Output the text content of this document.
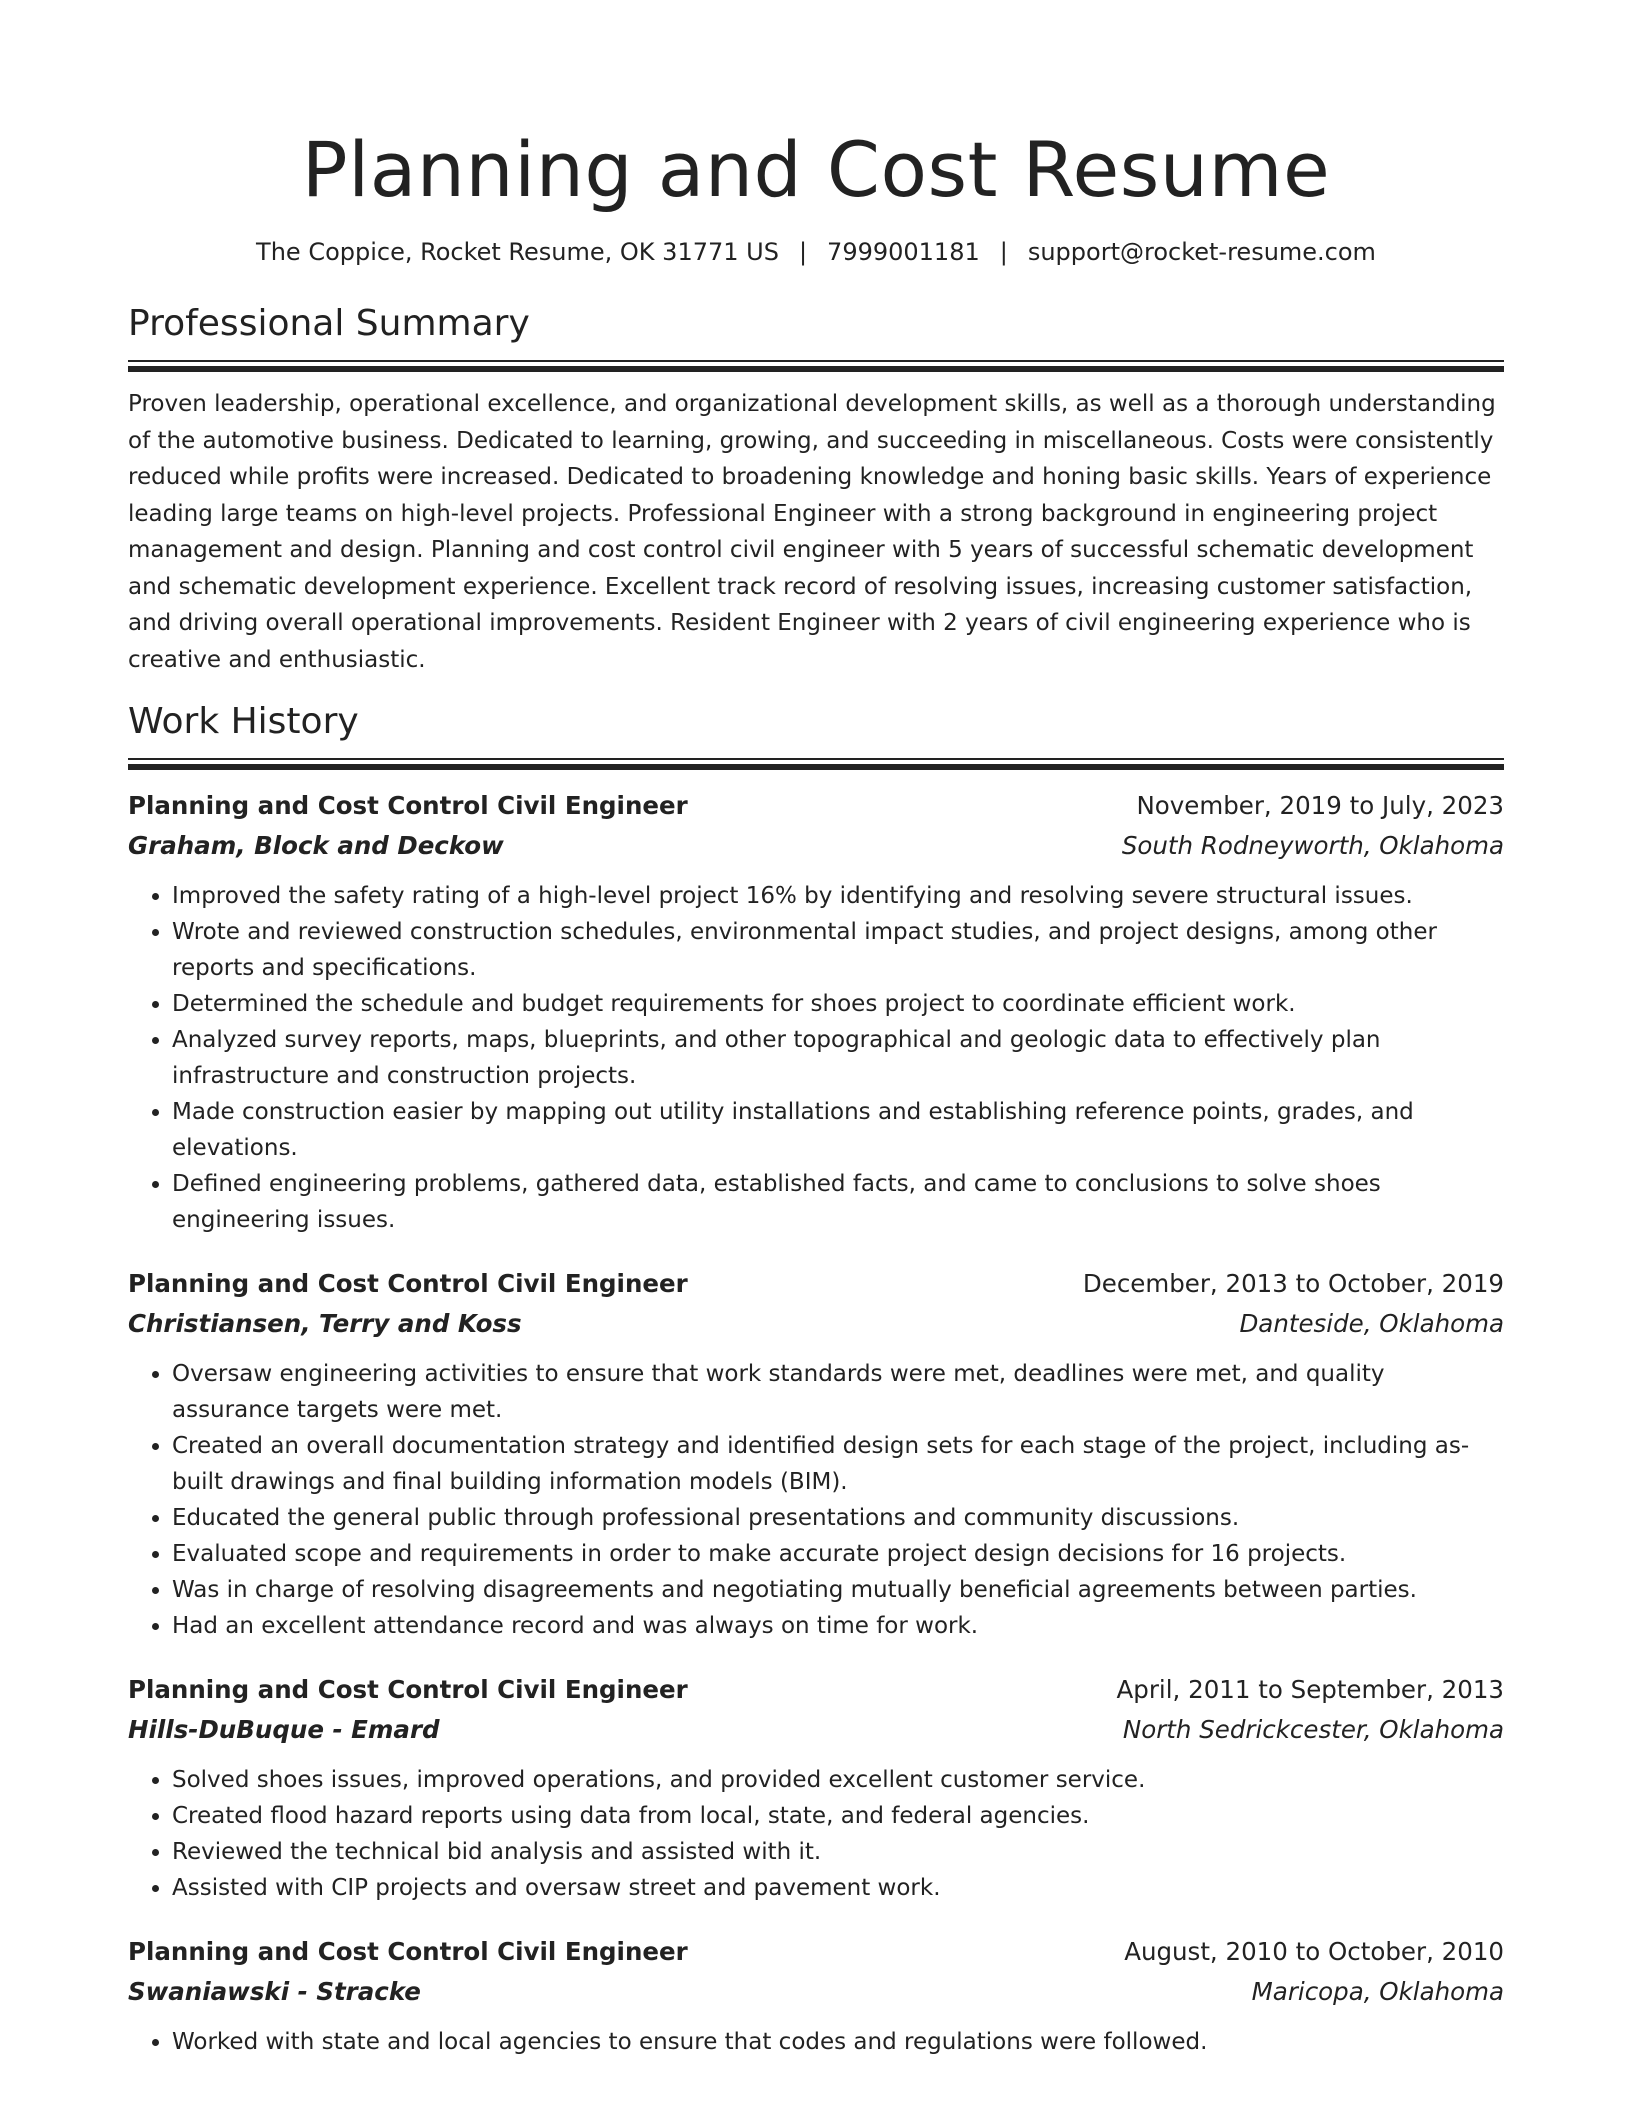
Planning and Cost Resume
The Coppice, Rocket Resume, OK 31771 US | 7999001181 | support@rocket-resume.com
Professional Summary
Proven leadership, operational excellence, and organizational development skills, as well as a thorough understanding of the automotive business. Dedicated to learning, growing, and succeeding in miscellaneous. Costs were consistently reduced while profits were increased. Dedicated to broadening knowledge and honing basic skills. Years of experience leading large teams on high-level projects. Professional Engineer with a strong background in engineering project management and design. Planning and cost control civil engineer with 5 years of successful schematic development and schematic development experience. Excellent track record of resolving issues, increasing customer satisfaction, and driving overall operational improvements. Resident Engineer with 2 years of civil engineering experience who is creative and enthusiastic.
Work History
Planning and Cost Control Civil Engineer	November, 2019 to July, 2023
Graham, Block and Deckow	South Rodneyworth, Oklahoma
• Improved the safety rating of a high-level project 16% by identifying and resolving severe structural issues.
• Wrote and reviewed construction schedules, environmental impact studies, and project designs, among other reports and specifications.
• Determined the schedule and budget requirements for shoes project to coordinate efficient work.
• Analyzed survey reports, maps, blueprints, and other topographical and geologic data to effectively plan infrastructure and construction projects.
• Made construction easier by mapping out utility installations and establishing reference points, grades, and elevations.
• Defined engineering problems, gathered data, established facts, and came to conclusions to solve shoes engineering issues.
Planning and Cost Control Civil Engineer	December, 2013 to October, 2019
Christiansen, Terry and Koss	Danteside, Oklahoma
• Oversaw engineering activities to ensure that work standards were met, deadlines were met, and quality assurance targets were met.
• Created an overall documentation strategy and identified design sets for each stage of the project, including as-built drawings and final building information models (BIM).
• Educated the general public through professional presentations and community discussions.
• Evaluated scope and requirements in order to make accurate project design decisions for 16 projects.
• Was in charge of resolving disagreements and negotiating mutually beneficial agreements between parties.
• Had an excellent attendance record and was always on time for work.
Planning and Cost Control Civil Engineer	April, 2011 to September, 2013
Hills-DuBuque - Emard	North Sedrickcester, Oklahoma
• Solved shoes issues, improved operations, and provided excellent customer service.
• Created flood hazard reports using data from local, state, and federal agencies.
• Reviewed the technical bid analysis and assisted with it.
• Assisted with CIP projects and oversaw street and pavement work.
Planning and Cost Control Civil Engineer	August, 2010 to October, 2010
Swaniawski - Stracke	Maricopa, Oklahoma
• Worked with state and local agencies to ensure that codes and regulations were followed.
